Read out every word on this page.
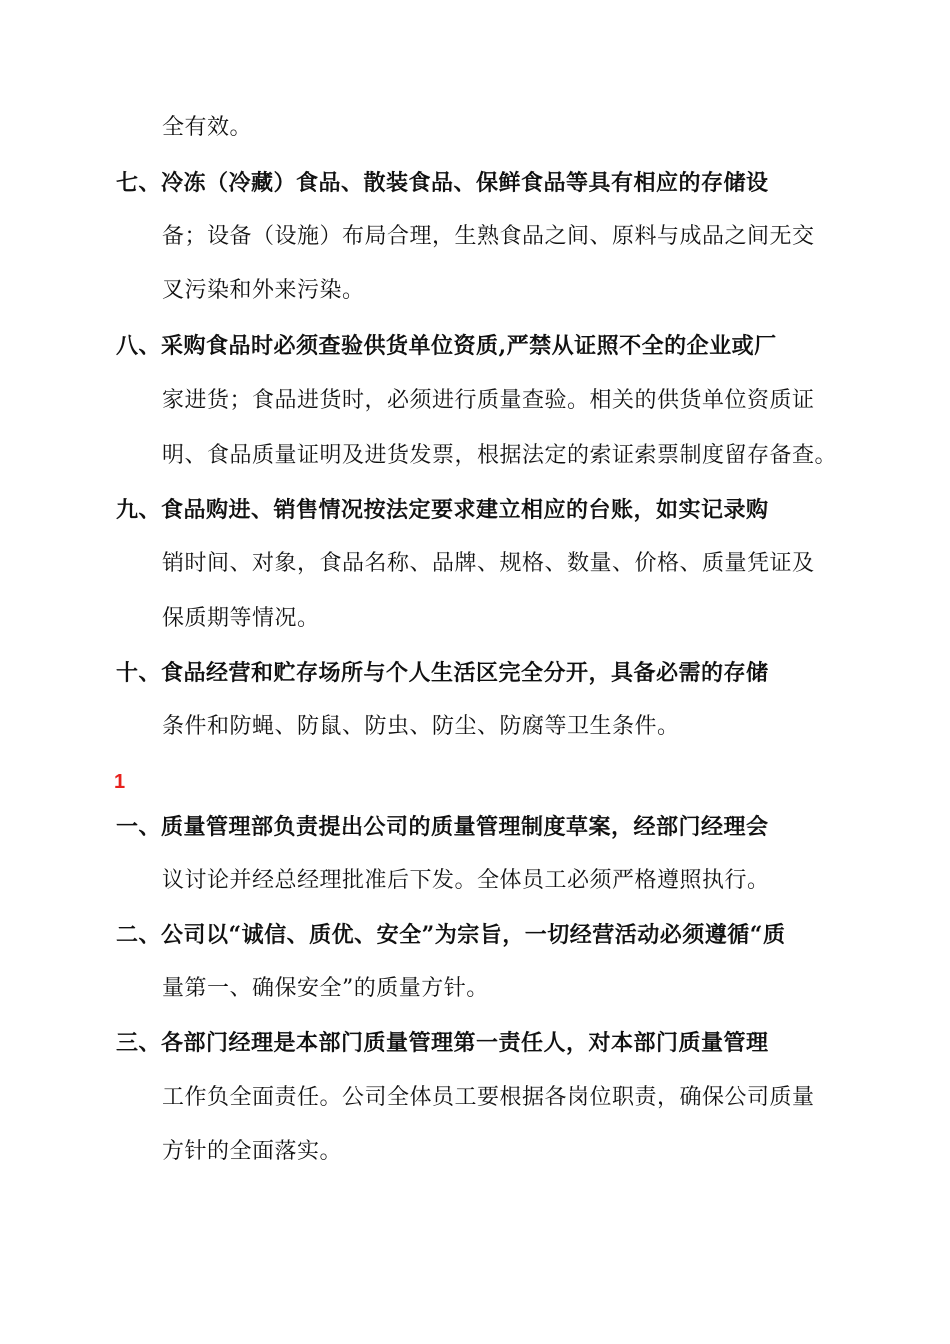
全有效。
七、冷冻（冷藏）食品、散装食品、保鲜食品等具有相应的存储设
备；设备（设施）布局合理，生熟食品之间、原料与成品之间无交
叉污染和外来污染。
八、采购食品时必须查验供货单位资质,严禁从证照不全的企业或厂
家进货；食品进货时，必须进行质量查验。相关的供货单位资质证
明、食品质量证明及进货发票，根据法定的索证索票制度留存备查。
九、食品购进、销售情况按法定要求建立相应的台账，如实记录购
销时间、对象，食品名称、品牌、规格、数量、价格、质量凭证及
保质期等情况。
十、食品经营和贮存场所与个人生活区完全分开，具备必需的存储
条件和防蝇、防鼠、防虫、防尘、防腐等卫生条件。
1
一、质量管理部负责提出公司的质量管理制度草案，经部门经理会
议讨论并经总经理批准后下发。全体员工必须严格遵照执行。
二、公司以“诚信、质优、安全”为宗旨，一切经营活动必须遵循“质
量第一、确保安全”的质量方针。
三、各部门经理是本部门质量管理第一责任人，对本部门质量管理
工作负全面责任。公司全体员工要根据各岗位职责，确保公司质量
方针的全面落实。
